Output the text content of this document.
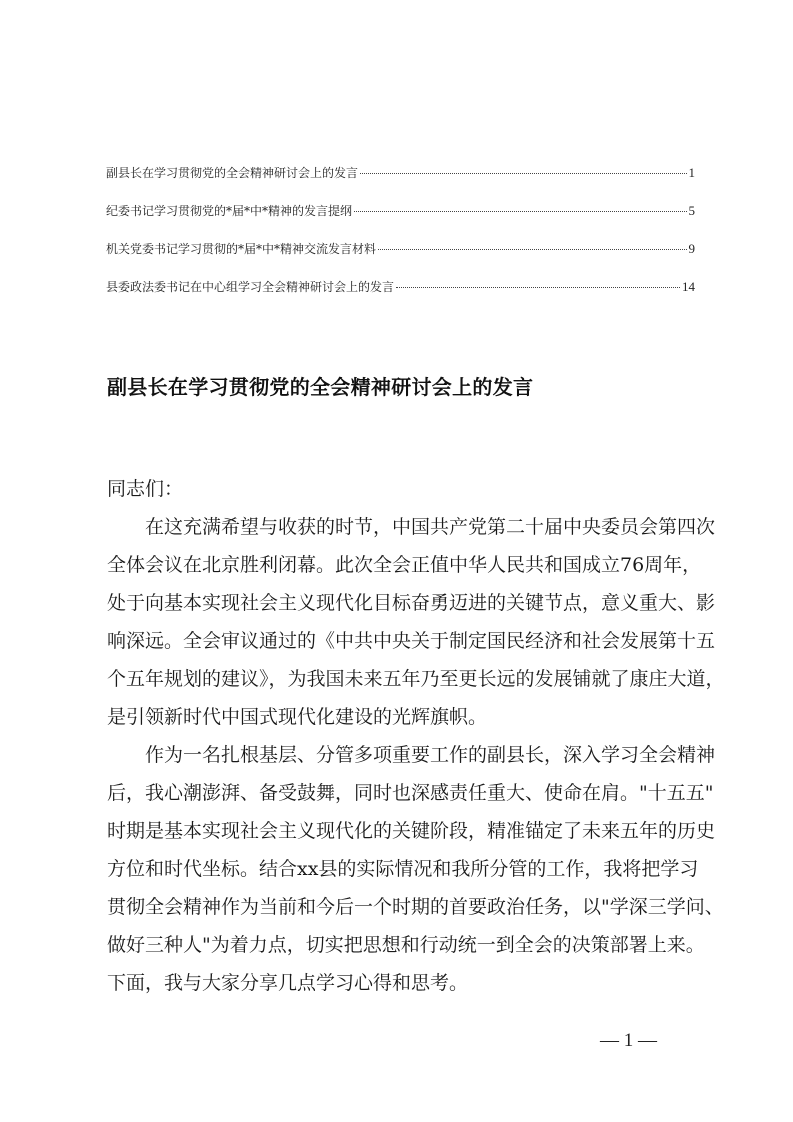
副县长在学习贯彻党的全会精神研讨会上的发言	1
纪委书记学习贯彻党的*届*中*精神的发言提纲	5
机关党委书记学习贯彻的*届*中*精神交流发言材料	9
县委政法委书记在中心组学习全会精神研讨会上的发言	14
副县长在学习贯彻党的全会精神研讨会上的发言
同志们：
在这充满希望与收获的时节，中国共产党第二十届中央委员会第四次
全体会议在北京胜利闭幕。此次全会正值中华人民共和国成立76周年，
处于向基本实现社会主义现代化目标奋勇迈进的关键节点，意义重大、影
响深远。全会审议通过的《中共中央关于制定国民经济和社会发展第十五
个五年规划的建议》，为我国未来五年乃至更长远的发展铺就了康庄大道，
是引领新时代中国式现代化建设的光辉旗帜。
作为一名扎根基层、分管多项重要工作的副县长，深入学习全会精神
后，我心潮澎湃、备受鼓舞，同时也深感责任重大、使命在肩。"十五五"
时期是基本实现社会主义现代化的关键阶段，精准锚定了未来五年的历史
方位和时代坐标。结合xx县的实际情况和我所分管的工作，我将把学习
贯彻全会精神作为当前和今后一个时期的首要政治任务，以"学深三学问、
做好三种人"为着力点，切实把思想和行动统一到全会的决策部署上来。
下面，我与大家分享几点学习心得和思考。
— 1 —
